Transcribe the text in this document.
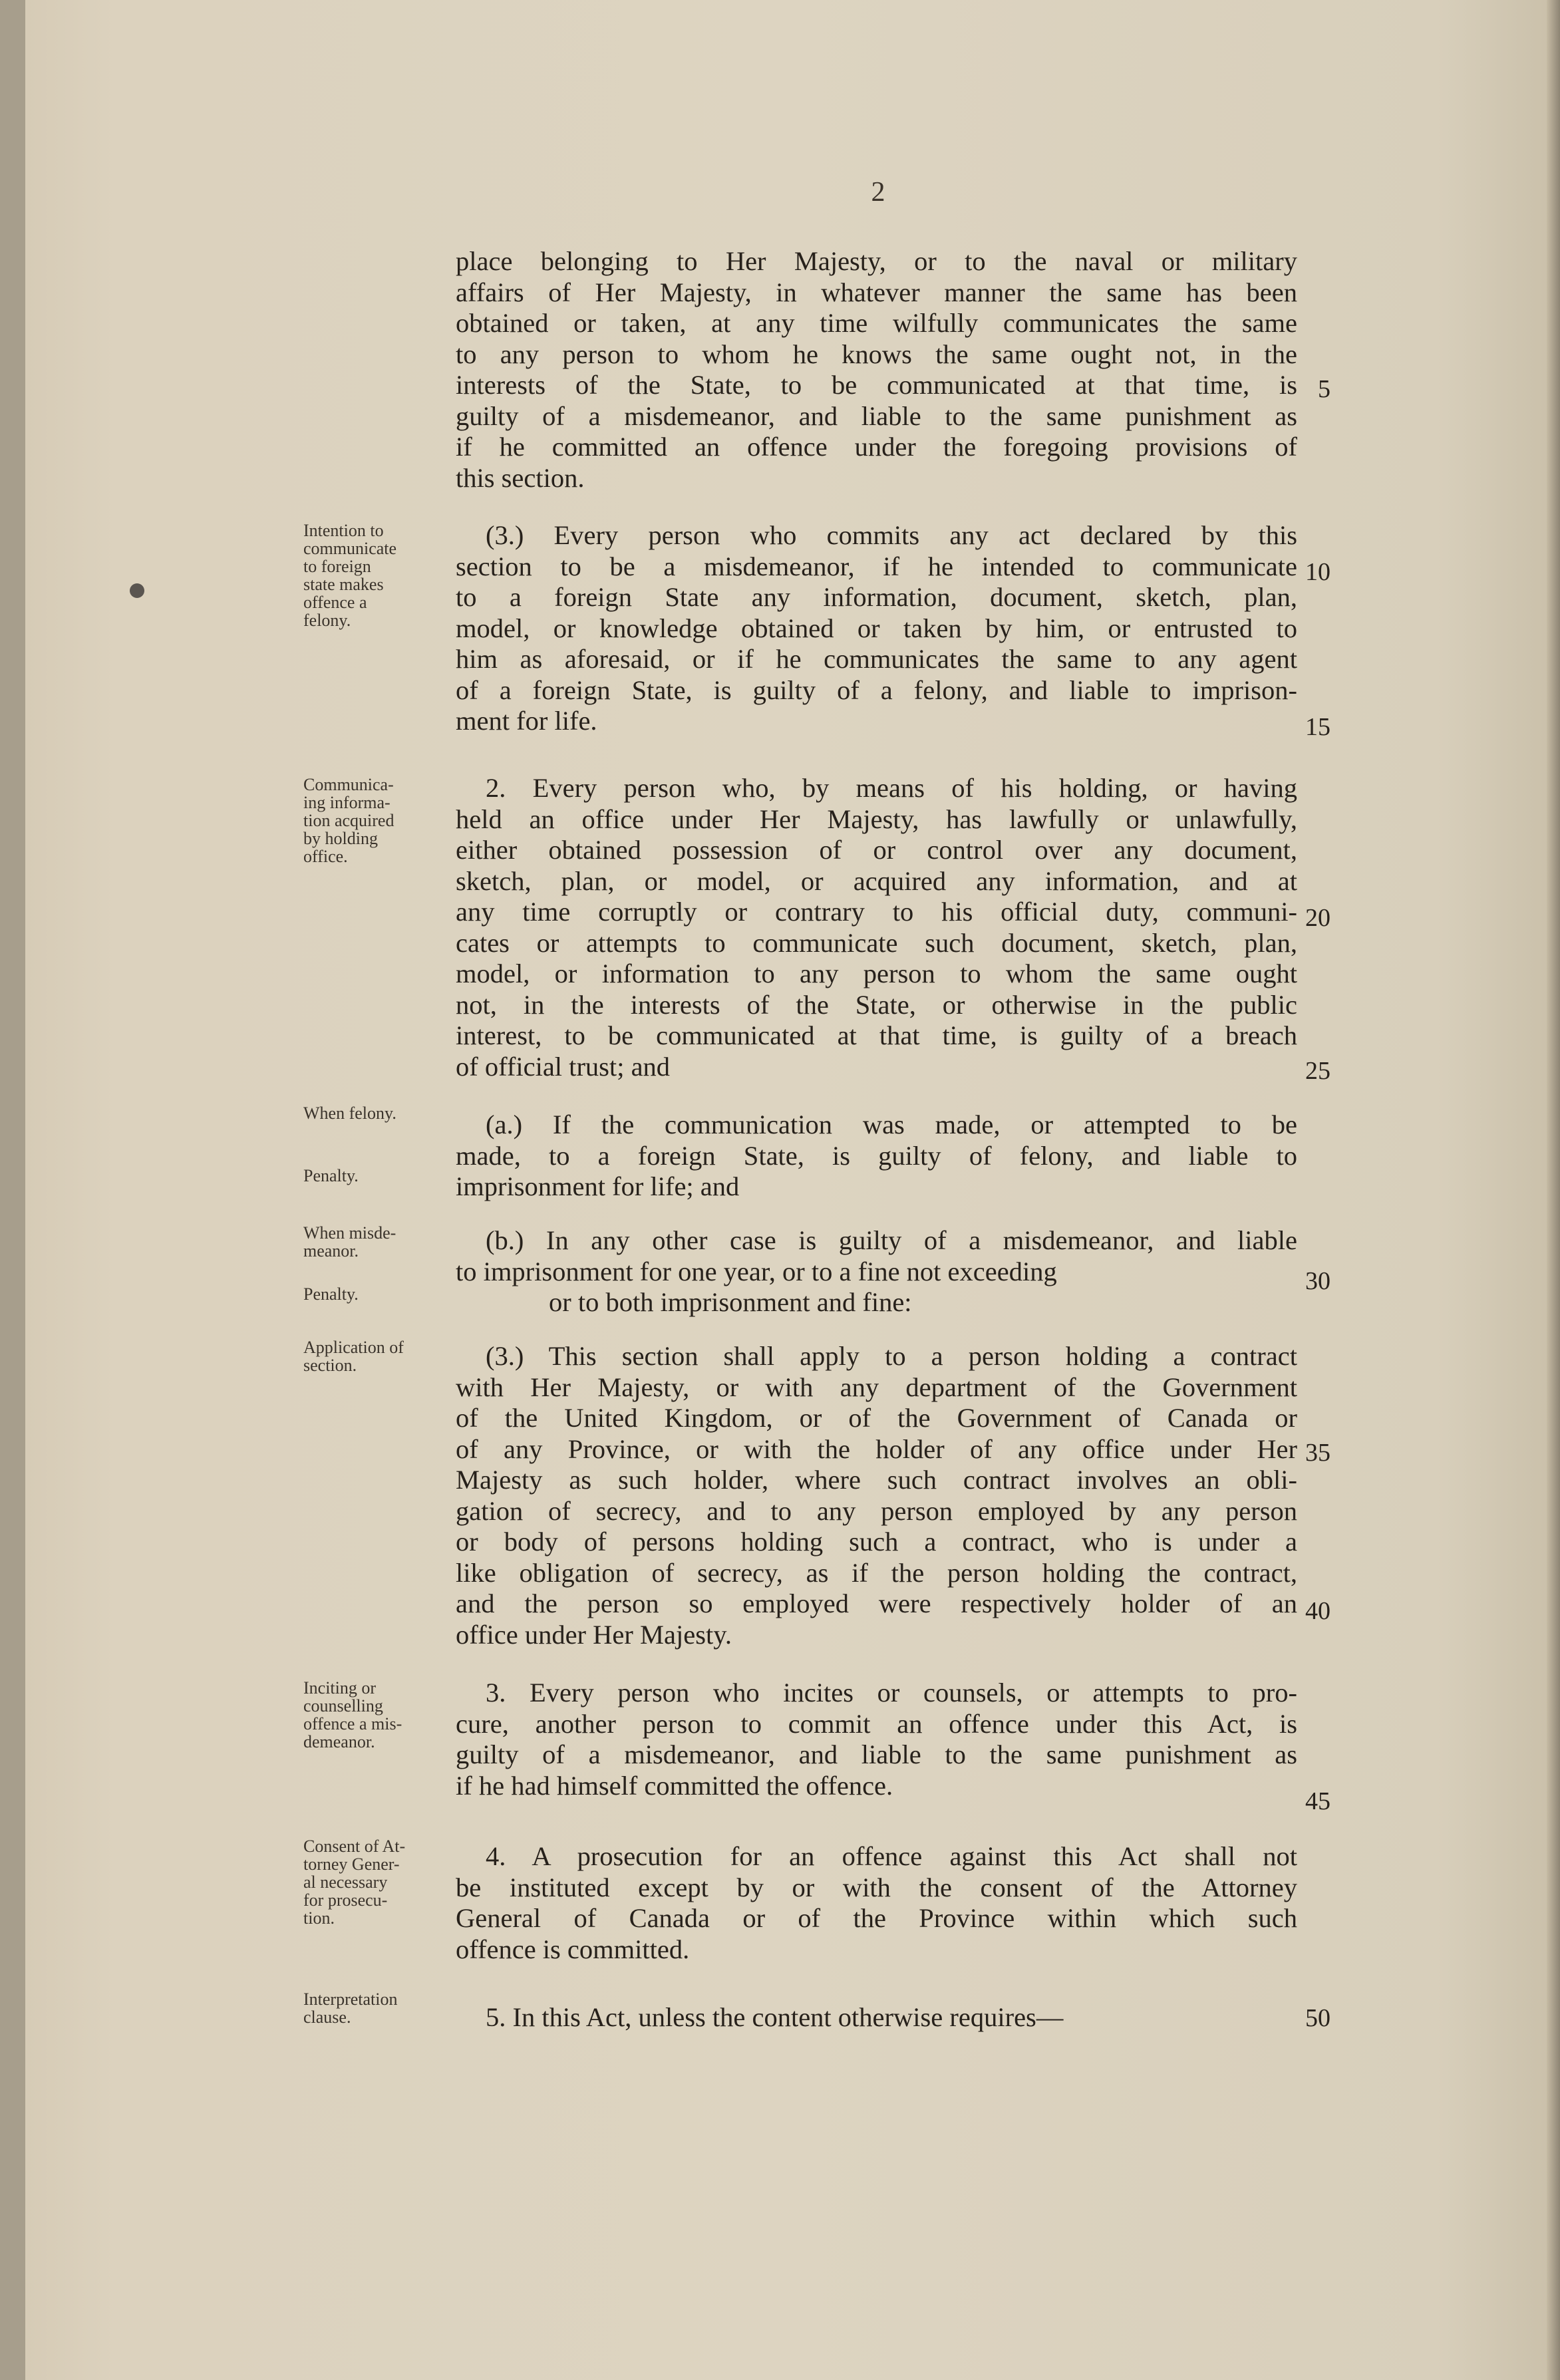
2
place belonging to Her Majesty, or to the naval or military
affairs of Her Majesty, in whatever manner the same has been
obtained or taken, at any time wilfully communicates the same
to any person to whom he knows the same ought not, in the
interests of the State, to be communicated at that time, is
guilty of a misdemeanor, and liable to the same punishment as
if he committed an offence under the foregoing provisions of
this section.
(3.) Every person who commits any act declared by this
section to be a misdemeanor, if he intended to communicate
to a foreign State any information, document, sketch, plan,
model, or knowledge obtained or taken by him, or entrusted to
him as aforesaid, or if he communicates the same to any agent
of a foreign State, is guilty of a felony, and liable to imprison-
ment for life.
2. Every person who, by means of his holding, or having
held an office under Her Majesty, has lawfully or unlawfully,
either obtained possession of or control over any document,
sketch, plan, or model, or acquired any information, and at
any time corruptly or contrary to his official duty, communi-
cates or attempts to communicate such document, sketch, plan,
model, or information to any person to whom the same ought
not, in the interests of the State, or otherwise in the public
interest, to be communicated at that time, is guilty of a breach
of official trust; and
(a.) If the communication was made, or attempted to be
made, to a foreign State, is guilty of felony, and liable to
imprisonment for life; and
(b.) In any other case is guilty of a misdemeanor, and liable
to imprisonment for one year, or to a fine not exceeding
or to both imprisonment and fine:
(3.) This section shall apply to a person holding a contract
with Her Majesty, or with any department of the Government
of the United Kingdom, or of the Government of Canada or
of any Province, or with the holder of any office under Her
Majesty as such holder, where such contract involves an obli-
gation of secrecy, and to any person employed by any person
or body of persons holding such a contract, who is under a
like obligation of secrecy, as if the person holding the contract,
and the person so employed were respectively holder of an
office under Her Majesty.
3. Every person who incites or counsels, or attempts to pro-
cure, another person to commit an offence under this Act, is
guilty of a misdemeanor, and liable to the same punishment as
if he had himself committed the offence.
4. A prosecution for an offence against this Act shall not
be instituted except by or with the consent of the Attorney
General of Canada or of the Province within which such
offence is committed.
5. In this Act, unless the content otherwise requires—
5
10
15
20
25
30
35
40
45
50
Intention to
communicate
to foreign
state makes
offence a
felony.
Communica-
ing informa-
tion acquired
by holding
office.
When felony.
Penalty.
When misde-
meanor.
Penalty.
Application of
section.
Inciting or
counselling
offence a mis-
demeanor.
Consent of At-
torney Gener-
al necessary
for prosecu-
tion.
Interpretation
clause.
